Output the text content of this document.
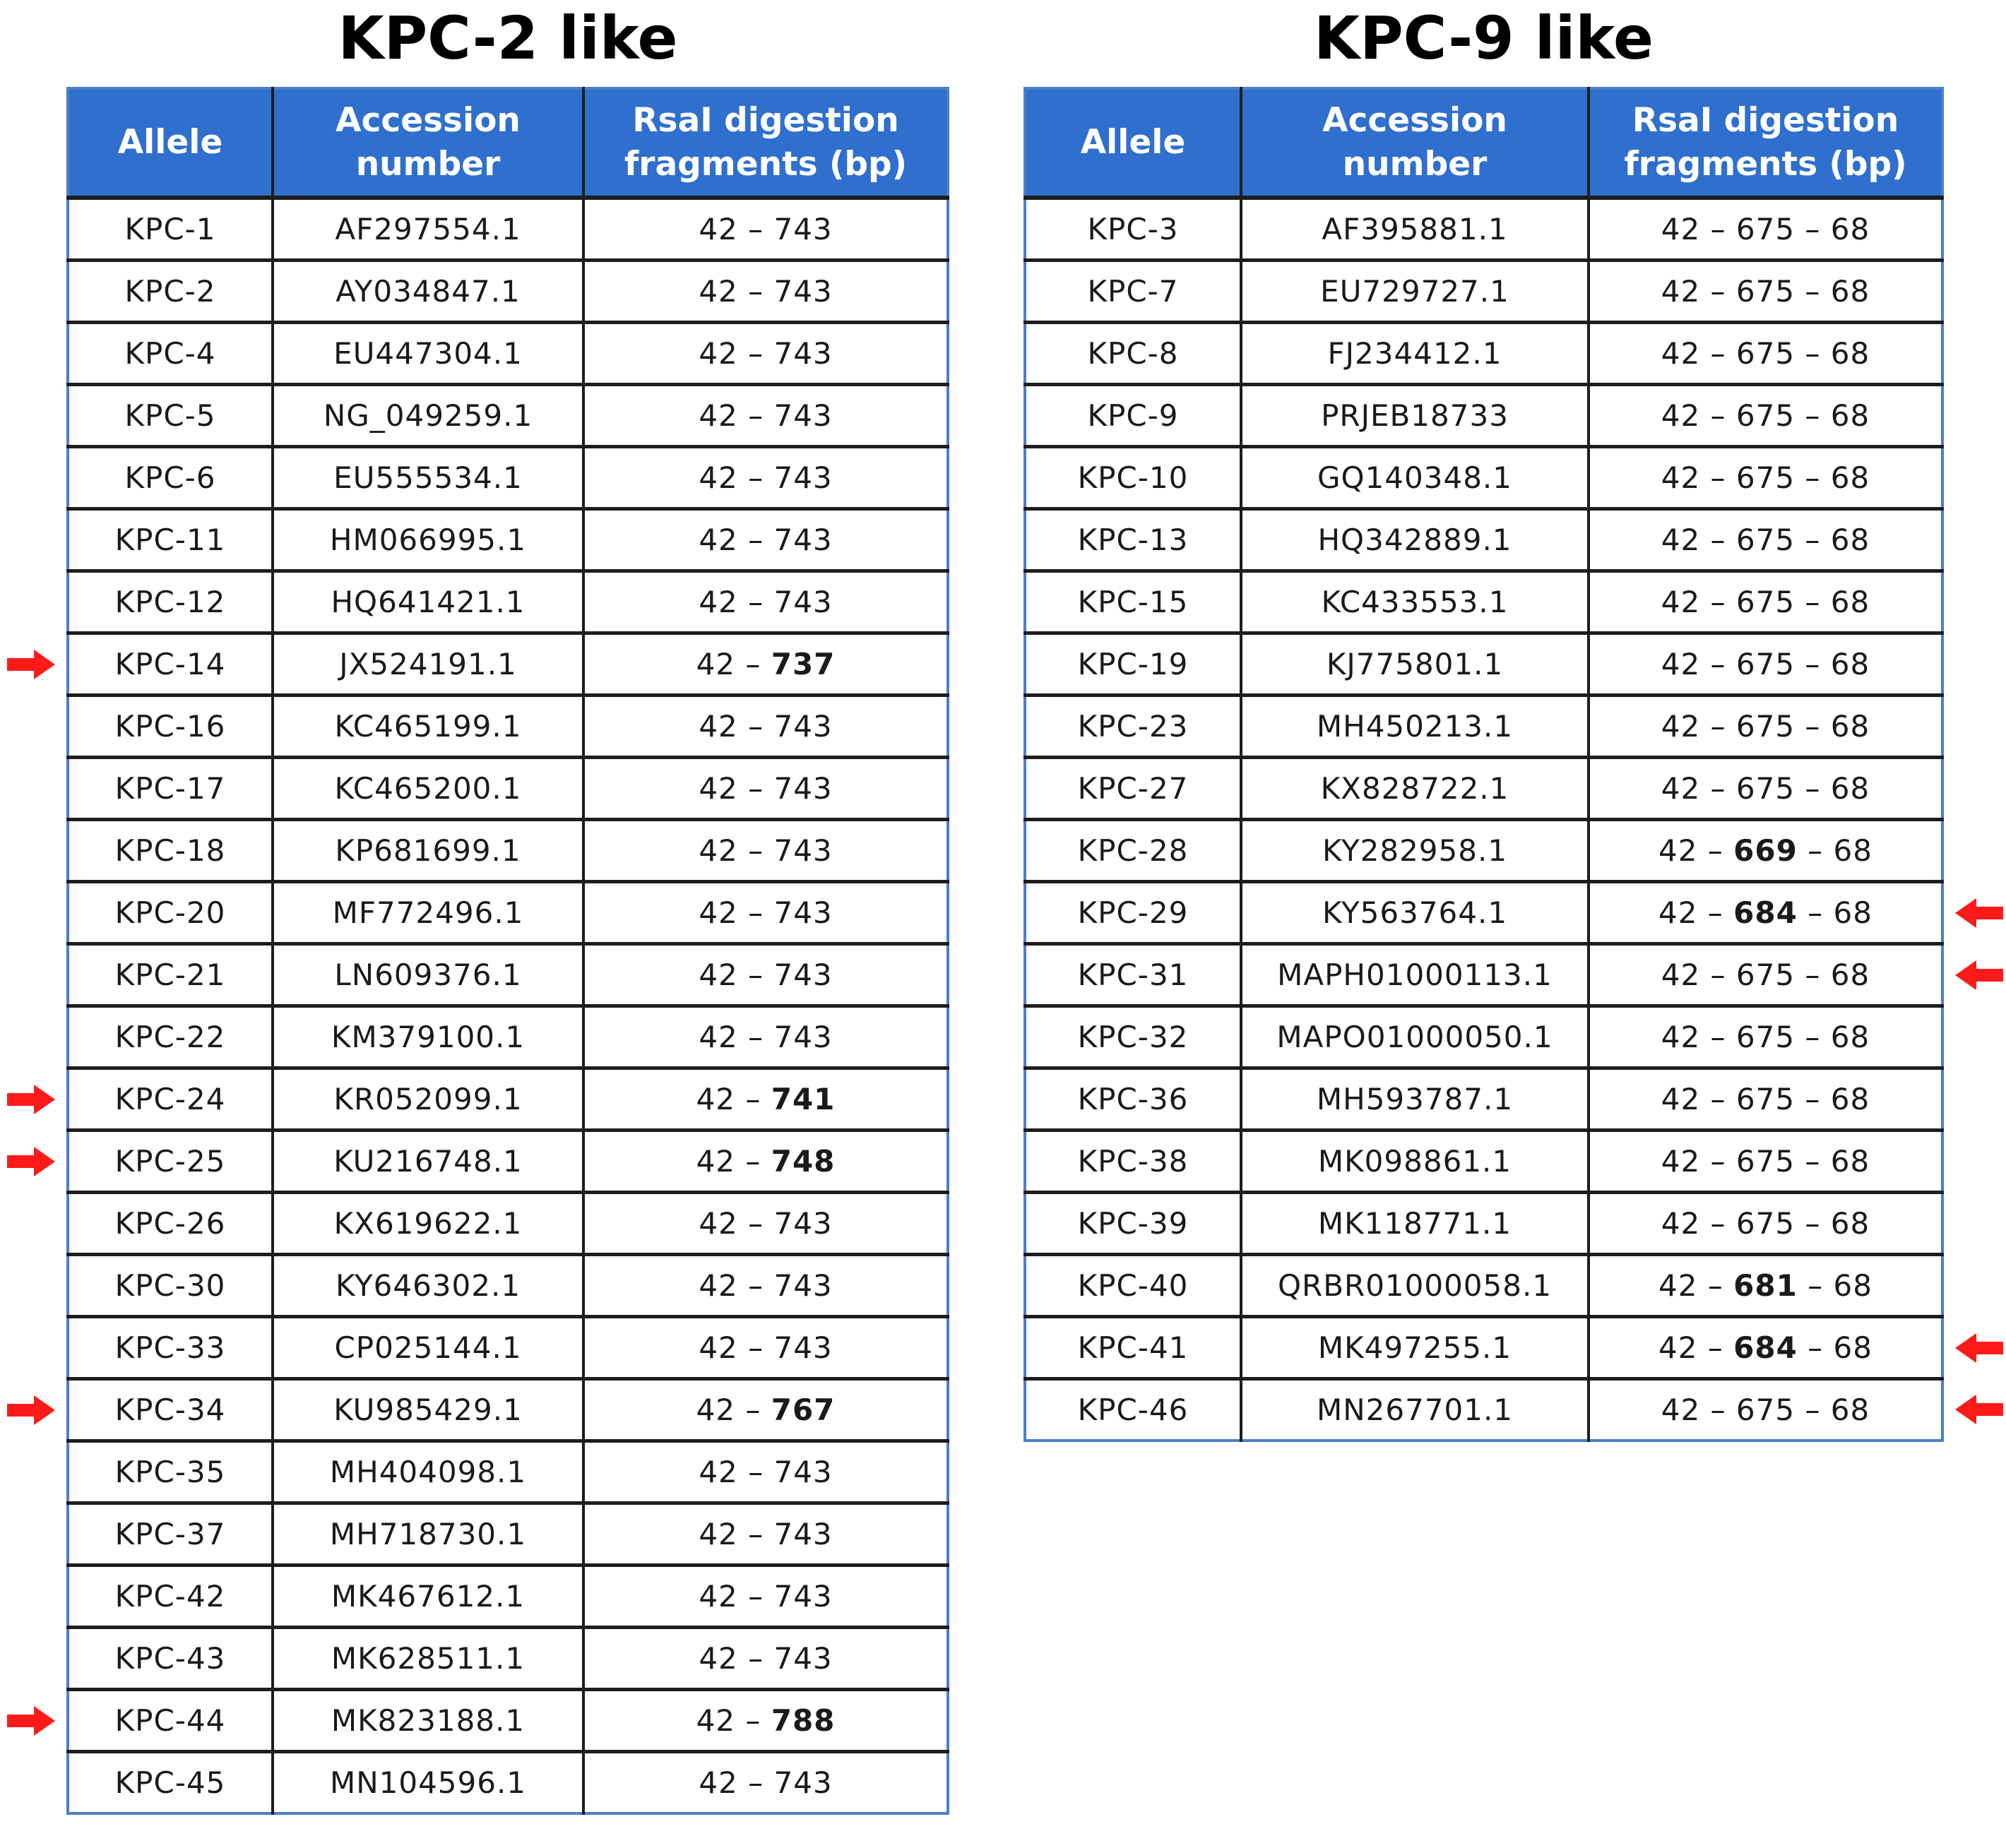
KPC-2 like
Allele	Accession number	RsaI digestion fragments (bp)
KPC-1	AF297554.1	42 – 743
KPC-2	AY034847.1	42 – 743
KPC-4	EU447304.1	42 – 743
KPC-5	NG_049259.1	42 – 743
KPC-6	EU555534.1	42 – 743
KPC-11	HM066995.1	42 – 743
KPC-12	HQ641421.1	42 – 743
KPC-14	JX524191.1	42 – 737
KPC-16	KC465199.1	42 – 743
KPC-17	KC465200.1	42 – 743
KPC-18	KP681699.1	42 – 743
KPC-20	MF772496.1	42 – 743
KPC-21	LN609376.1	42 – 743
KPC-22	KM379100.1	42 – 743
KPC-24	KR052099.1	42 – 741
KPC-25	KU216748.1	42 – 748
KPC-26	KX619622.1	42 – 743
KPC-30	KY646302.1	42 – 743
KPC-33	CP025144.1	42 – 743
KPC-34	KU985429.1	42 – 767
KPC-35	MH404098.1	42 – 743
KPC-37	MH718730.1	42 – 743
KPC-42	MK467612.1	42 – 743
KPC-43	MK628511.1	42 – 743
KPC-44	MK823188.1	42 – 788
KPC-45	MN104596.1	42 – 743
KPC-9 like
Allele	Accession number	RsaI digestion fragments (bp)
KPC-3	AF395881.1	42 – 675 – 68
KPC-7	EU729727.1	42 – 675 – 68
KPC-8	FJ234412.1	42 – 675 – 68
KPC-9	PRJEB18733	42 – 675 – 68
KPC-10	GQ140348.1	42 – 675 – 68
KPC-13	HQ342889.1	42 – 675 – 68
KPC-15	KC433553.1	42 – 675 – 68
KPC-19	KJ775801.1	42 – 675 – 68
KPC-23	MH450213.1	42 – 675 – 68
KPC-27	KX828722.1	42 – 675 – 68
KPC-28	KY282958.1	42 – 669 – 68
KPC-29	KY563764.1	42 – 684 – 68
KPC-31	MAPH01000113.1	42 – 675 – 68
KPC-32	MAPO01000050.1	42 – 675 – 68
KPC-36	MH593787.1	42 – 675 – 68
KPC-38	MK098861.1	42 – 675 – 68
KPC-39	MK118771.1	42 – 675 – 68
KPC-40	QRBR01000058.1	42 – 681 – 68
KPC-41	MK497255.1	42 – 684 – 68
KPC-46	MN267701.1	42 – 675 – 68
